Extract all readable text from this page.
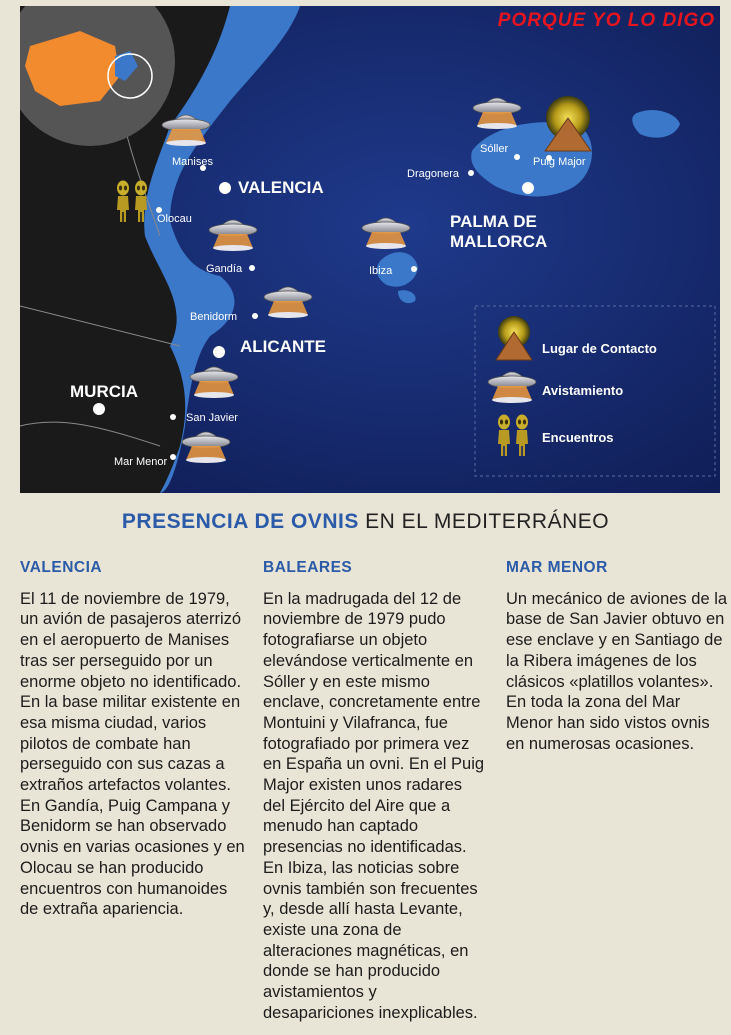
Lugar de Contacto
Avistamiento
Encuentros
VALENCIA
ALICANTE
MURCIA
PALMA DE
MALLORCA
Manises
Olocau
Gandía
Benidorm
San Javier
Mar Menor
Ibiza
Dragonera
Sóller
Puig Major
PORQUE YO LO DIGO
PRESENCIA DE OVNIS EN EL MEDITERRÁNEO
VALENCIA

El 11 de noviembre de 1979, un avión de pasajeros aterrizó en el aeropuerto de Manises tras ser perseguido por un enorme objeto no identificado. En la base militar existente en esa misma ciudad, varios pilotos de combate han perseguido con sus cazas a extraños artefactos volantes. En Gandía, Puig Campana y Benidorm se han observado ovnis en varias ocasiones y en Olocau se han producido encuentros con humanoides de extraña apariencia.

BALEARES

En la madrugada del 12 de noviembre de 1979 pudo fotografiarse un objeto elevándose verticalmente en Sóller y en este mismo enclave, concretamente entre Montuini y Vilafranca, fue fotografiado por primera vez en España un ovni. En el Puig Major existen unos radares del Ejército del Aire que a menudo han captado presencias no identificadas. En Ibiza, las noticias sobre ovnis también son frecuentes y, desde allí hasta Levante, existe una zona de alteraciones magnéticas, en donde se han producido avistamientos y desapariciones inexplicables.

MAR MENOR

Un mecánico de aviones de la base de San Javier obtuvo en ese enclave y en Santiago de la Ribera imágenes de los clásicos «platillos volantes». En toda la zona del Mar Menor han sido vistos ovnis en numerosas ocasiones.
